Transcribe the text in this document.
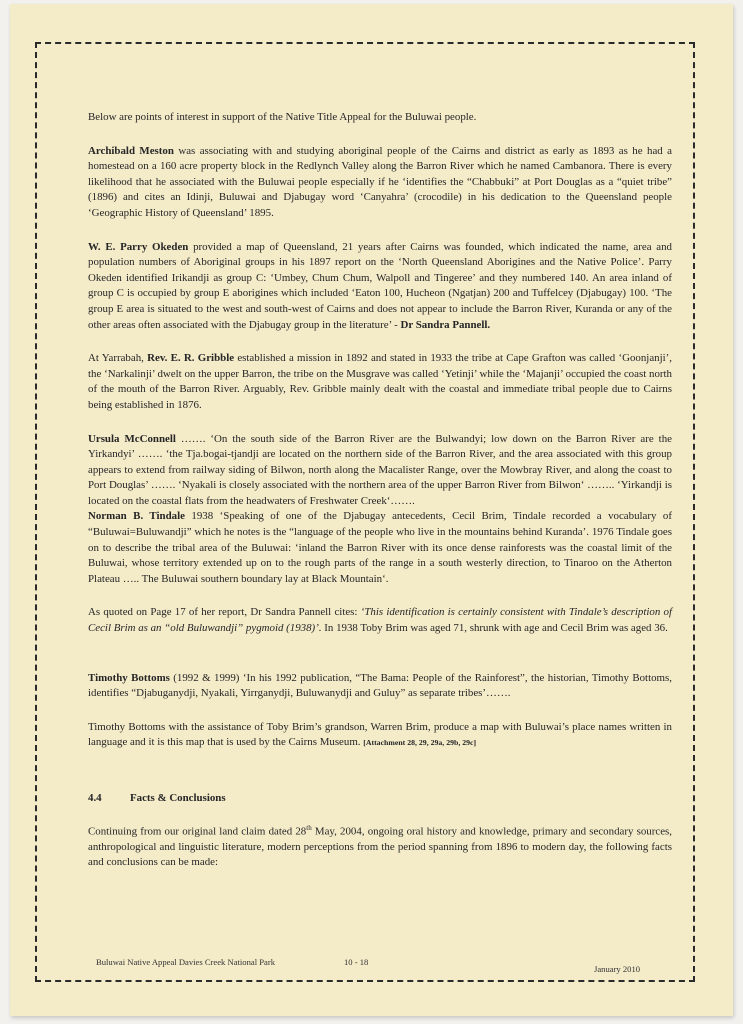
Below are points of interest in support of the Native Title Appeal for the Buluwai people.

Archibald Meston was associating with and studying aboriginal people of the Cairns and district as early as 1893 as he had a homestead on a 160 acre property block in the Redlynch Valley along the Barron River which he named Cambanora. There is every likelihood that he associated with the Buluwai people especially if he ‘identifies the “Chabbuki” at Port Douglas as a “quiet tribe” (1896) and cites an Idinji, Buluwai and Djabugay word ‘Canyahra’ (crocodile) in his dedication to the Queensland people ‘Geographic History of Queensland’ 1895.

W. E. Parry Okeden provided a map of Queensland, 21 years after Cairns was founded, which indicated the name, area and population numbers of Aboriginal groups in his 1897 report on the ‘North Queensland Aborigines and the Native Police’. Parry Okeden identified Irikandji as group C: ‘Umbey, Chum Chum, Walpoll and Tingeree’ and they numbered 140. An area inland of group C is occupied by group E aborigines which included ‘Eaton 100, Hucheon (Ngatjan) 200 and Tuffelcey (Djabugay) 100. ‘The group E area is situated to the west and south-west of Cairns and does not appear to include the Barron River, Kuranda or any of the other areas often associated with the Djabugay group in the literature’ - Dr Sandra Pannell.

At Yarrabah, Rev. E. R. Gribble established a mission in 1892 and stated in 1933 the tribe at Cape Grafton was called ‘Goonjanji’, the ‘Narkalinji’ dwelt on the upper Barron, the tribe on the Musgrave was called ‘Yetinji’ while the ‘Majanji’ occupied the coast north of the mouth of the Barron River. Arguably, Rev. Gribble mainly dealt with the coastal and immediate tribal people due to Cairns being established in 1876.

Ursula McConnell ……. ‘On the south side of the Barron River are the Bulwandyi; low down on the Barron River are the Yirkandyi’ ……. ‘the Tja.bogai-tjandji are located on the northern side of the Barron River, and the area associated with this group appears to extend from railway siding of Bilwon, north along the Macalister Range, over the Mowbray River, and along the coast to Port Douglas’ ……. ‘Nyakali is closely associated with the northern area of the upper Barron River from Bilwon‘ …….. ‘Yirkandji is located on the coastal flats from the headwaters of Freshwater Creek‘…….

Norman B. Tindale 1938 ‘Speaking of one of the Djabugay antecedents, Cecil Brim, Tindale recorded a vocabulary of “Buluwai=Buluwandji” which he notes is the “language of the people who live in the mountains behind Kuranda’. 1976 Tindale goes on to describe the tribal area of the Buluwai: ‘inland the Barron River with its once dense rainforests was the coastal limit of the Buluwai, whose territory extended up on to the rough parts of the range in a south westerly direction, to Tinaroo on the Atherton Plateau ….. The Buluwai southern boundary lay at Black Mountain‘.

As quoted on Page 17 of her report, Dr Sandra Pannell cites: ‘This identification is certainly consistent with Tindale’s description of Cecil Brim as an “old Buluwandji” pygmoid (1938)’. In 1938 Toby Brim was aged 71, shrunk with age and Cecil Brim was aged 36.

Timothy Bottoms (1992 & 1999) ‘In his 1992 publication, “The Bama: People of the Rainforest”, the historian, Timothy Bottoms, identifies “Djabuganydji, Nyakali, Yirrganydji, Buluwanydji and Guluy” as separate tribes’…….

Timothy Bottoms with the assistance of Toby Brim’s grandson, Warren Brim, produce a map with Buluwai’s place names written in language and it is this map that is used by the Cairns Museum. [Attachment 28, 29, 29a, 29b, 29c]

4.4	Facts & Conclusions

Continuing from our original land claim dated 28th May, 2004, ongoing oral history and knowledge, primary and secondary sources, anthropological and linguistic literature, modern perceptions from the period spanning from 1896 to modern day, the following facts and conclusions can be made:

Buluwai Native Appeal Davies Creek National Park	10 - 18
January 2010
